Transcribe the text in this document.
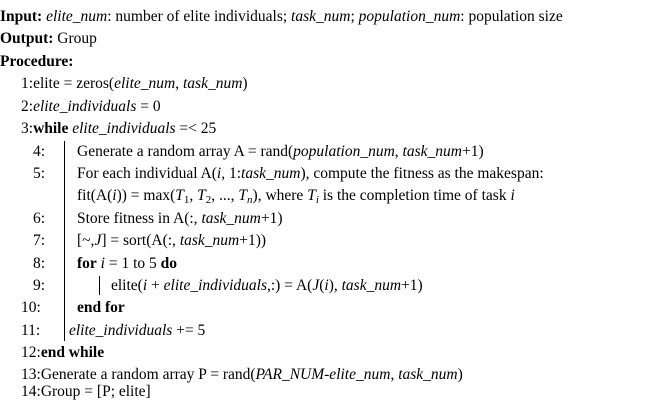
Input: elite_num: number of elite individuals; task_num; population_num: population size
Output: Group
Procedure:
1:elite = zeros(elite_num, task_num)
2:elite_individuals = 0
3:while elite_individuals =< 25
4: Generate a random array A = rand(population_num, task_num+1)
5: For each individual A(i, 1:task_num), compute the fitness as the makespan:
$fit(A(i)) = \max(T_1$, $T_2$, ..., $T_n$), where $T_i$ is the completion time of task i
6: Store fitness in A(:, task_num+1)
7: [~,J] = sort(A(:, task_num+1))
8: for i = 1 to 5 do
9:	elite(i + elite_individuals,:) = A(J(i), task_num+1)
10: end for
11: elite_individuals += 5
12:end while
13:Generate a random array P = rand(PAR_NUM-elite_num, task_num)
14:Group = [P; elite]
